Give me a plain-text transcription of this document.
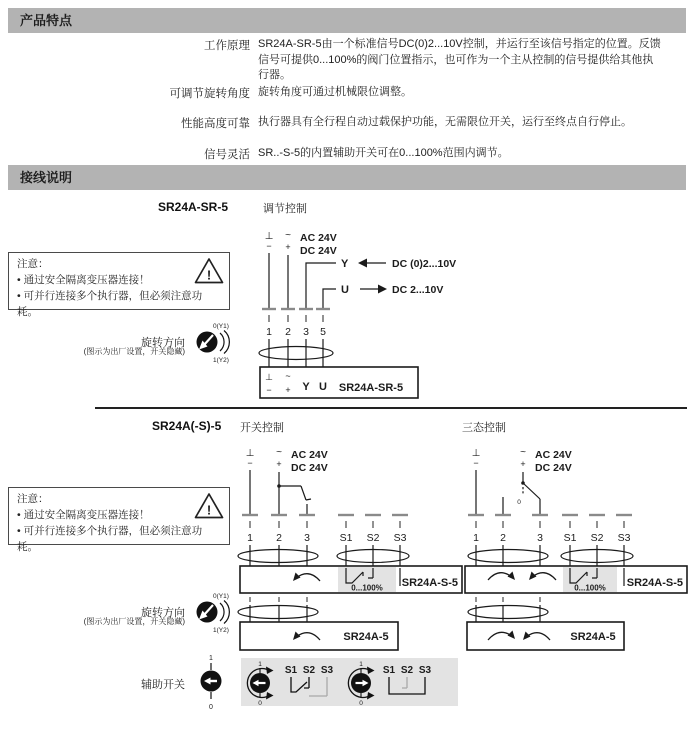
产品特点
工作原理 SR24A-SR-5由一个标准信号DC(0)2...10V控制，并运行至该信号指定的位置。反馈信号可提供0...100%的阀门位置指示，也可作为一个主从控制的信号提供给其他执行器。
可调节旋转角度 旋转角度可通过机械限位调整。
性能高度可靠 执行器具有全行程自动过载保护功能，无需限位开关，运行至终点自行停止。
信号灵活 SR..-S-5的内置辅助开关可在0...100%范围内调节。
接线说明
SR24A-SR-5	调节控制
注意：
• 通过安全隔离变压器连接！
• 可并行连接多个执行器，但必须注意功耗。
!
⊥
−
~
+
AC 24V
DC 24V
Y	DC (0)2...10V
U	DC 2...10V
1 2 3 5
⊥
−
~
+ Y U SR24A-SR-5
旋转方向
(图示为出厂设置，开关隐藏)
0(Y1)
1(Y2)
SR24A(-S)-5 开关控制	三态控制
注意：
• 通过安全隔离变压器连接！
• 可并行连接多个执行器，但必须注意功耗。
!
⊥
−
~
+
AC 24V
DC 24V
1 2 3	S1 S2 S3
0...100% SR24A-S-5
SR24A-5
⊥
−
~
+
AC 24V
DC 24V
0
1 2	3 S1 S2 S3
0...100% SR24A-S-5
SR24A-5
旋转方向
(图示为出厂设置，开关隐藏)
0(Y1)
1(Y2)
辅助开关
1
0
1
0
S1 S2 S3
1
0
S1 S2 S3
